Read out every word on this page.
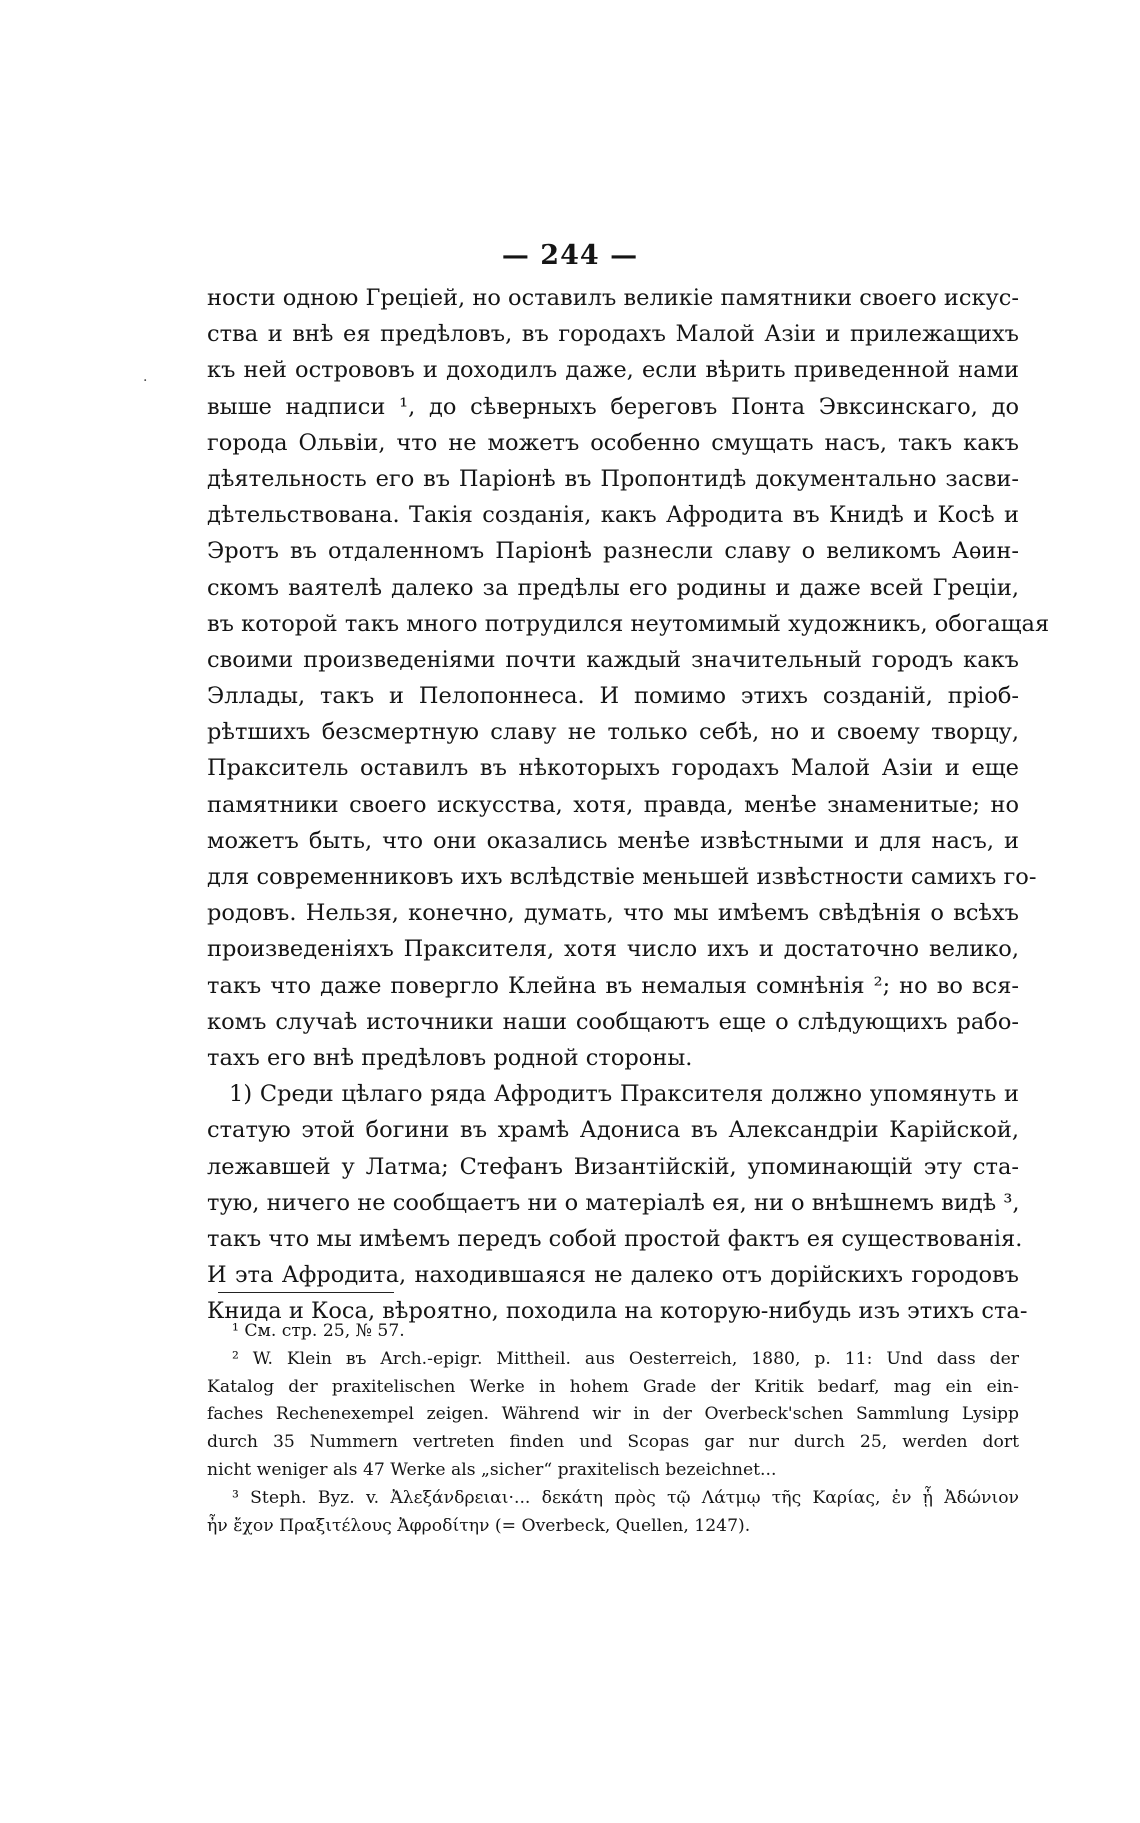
— 244 —
·
ности одною Греціей, но оставилъ великіе памятники своего искус-
ства и внѣ ея предѣловъ, въ городахъ Малой Азіи и прилежащихъ
къ ней острововъ и доходилъ даже, если вѣрить приведенной нами
выше надписи ¹, до сѣверныхъ береговъ Понта Эвксинскаго, до
города Ольвіи, что не можетъ особенно смущать насъ, такъ какъ
дѣятельность его въ Паріонѣ въ Пропонтидѣ документально засви-
дѣтельствована. Такія созданія, какъ Афродита въ Книдѣ и Косѣ и
Эротъ въ отдаленномъ Паріонѣ разнесли славу о великомъ Аѳин-
скомъ ваятелѣ далеко за предѣлы его родины и даже всей Греціи,
въ которой такъ много потрудился неутомимый художникъ, обогащая
своими произведеніями почти каждый значительный городъ какъ
Эллады, такъ и Пелопоннеса. И помимо этихъ созданій, пріоб-
рѣтшихъ безсмертную славу не только себѣ, но и своему творцу,
Пракситель оставилъ въ нѣкоторыхъ городахъ Малой Азіи и еще
памятники своего искусства, хотя, правда, менѣе знаменитые; но
можетъ быть, что они оказались менѣе извѣстными и для насъ, и
для современниковъ ихъ вслѣдствіе меньшей извѣстности самихъ го-
родовъ. Нельзя, конечно, думать, что мы имѣемъ свѣдѣнія о всѣхъ
произведеніяхъ Праксителя, хотя число ихъ и достаточно велико,
такъ что даже повергло Клейна въ немалыя сомнѣнія ²; но во вся-
комъ случаѣ источники наши сообщаютъ еще о слѣдующихъ рабо-
тахъ его внѣ предѣловъ родной стороны.
1) Среди цѣлаго ряда Афродитъ Праксителя должно упомянуть и
статую этой богини въ храмѣ Адониса въ Александріи Карійской,
лежавшей у Латма; Стефанъ Византійскій, упоминающій эту ста-
тую, ничего не сообщаетъ ни о матеріалѣ ея, ни о внѣшнемъ видѣ ³,
такъ что мы имѣемъ передъ собой простой фактъ ея существованія.
И эта Афродита, находившаяся не далеко отъ дорійскихъ городовъ
Книда и Коса, вѣроятно, походила на которую-нибудь изъ этихъ ста-
¹ См. стр. 25, № 57.
² W. Klein въ Arch.-epigr. Mittheil. aus Oesterreich, 1880, p. 11: Und dass der
Katalog der praxitelischen Werke in hohem Grade der Kritik bedarf, mag ein ein-
faches Rechenexempel zeigen. Während wir in der Overbeck'schen Sammlung Lysipp
durch 35 Nummern vertreten finden und Scopas gar nur durch 25, werden dort
nicht weniger als 47 Werke als „sicher“ praxitelisch bezeichnet...
³ Steph. Byz. v. Ἀλεξάνδρειαι·... δεκάτη πρὸς τῷ Λάτμῳ τῆς Καρίας, ἐν ᾗ Ἀδώνιον
ἦν ἔχον Πραξιτέλους Ἀφροδίτην (= Overbeck, Quellen, 1247).
